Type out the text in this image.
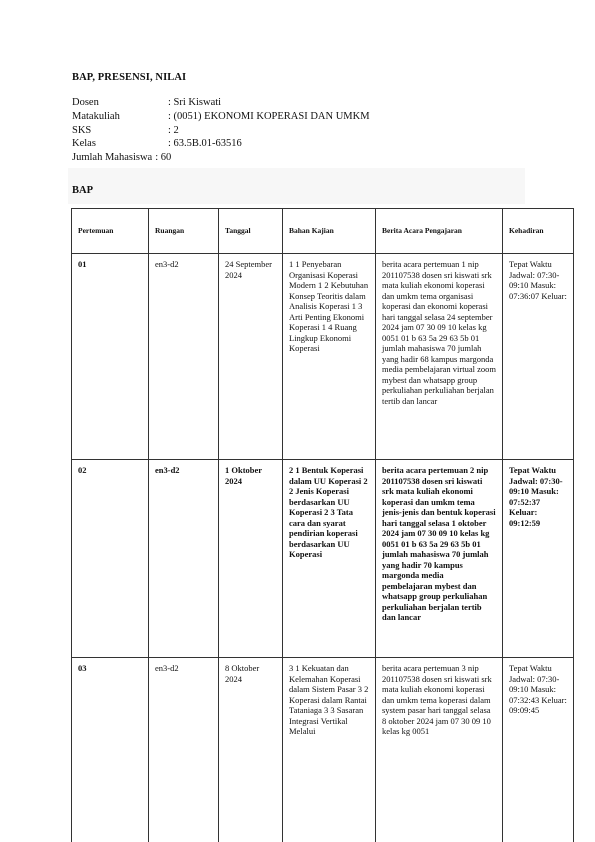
BAP, PRESENSI, NILAI
Dosen	: Sri Kiswati
Matakuliah	: (0051) EKONOMI KOPERASI DAN UMKM
SKS	: 2
Kelas	: 63.5B.01-63516
Jumlah Mahasiswa : 60
BAP
Pertemuan	Ruangan	Tanggal	Bahan Kajian	Berita Acara Pengajaran	Kehadiran
01	en3-d2	24 September 2024	1 1 Penyebaran Organisasi Koperasi Modern 1 2 Kebutuhan Konsep Teoritis dalam Analisis Koperasi 1 3 Arti Penting Ekonomi Koperasi 1 4 Ruang Lingkup Ekonomi Koperasi	berita acara pertemuan 1 nip 201107538 dosen sri kiswati srk mata kuliah ekonomi koperasi dan umkm tema organisasi koperasi dan ekonomi koperasi hari tanggal selasa 24 september 2024 jam 07 30 09 10 kelas kg 0051 01 b 63 5a 29 63 5b 01 jumlah mahasiswa 70 jumlah yang hadir 68 kampus margonda media pembelajaran virtual zoom mybest dan whatsapp group perkuliahan perkuliahan berjalan tertib dan lancar	Tepat Waktu Jadwal: 07:30-09:10 Masuk: 07:36:07 Keluar:
02	en3-d2	1 Oktober 2024	2 1 Bentuk Koperasi dalam UU Koperasi 2 2 Jenis Koperasi berdasarkan UU Koperasi 2 3 Tata cara dan syarat pendirian koperasi berdasarkan UU Koperasi	berita acara pertemuan 2 nip 201107538 dosen sri kiswati srk mata kuliah ekonomi koperasi dan umkm tema jenis-jenis dan bentuk koperasi hari tanggal selasa 1 oktober 2024 jam 07 30 09 10 kelas kg 0051 01 b 63 5a 29 63 5b 01 jumlah mahasiswa 70 jumlah yang hadir 70 kampus margonda media pembelajaran mybest dan whatsapp group perkuliahan perkuliahan berjalan tertib dan lancar	Tepat Waktu Jadwal: 07:30-09:10 Masuk: 07:52:37 Keluar: 09:12:59
03	en3-d2	8 Oktober 2024	3 1 Kekuatan dan Kelemahan Koperasi dalam Sistem Pasar 3 2 Koperasi dalam Rantai Tataniaga 3 3 Sasaran Integrasi Vertikal Melalui	berita acara pertemuan 3 nip 201107538 dosen sri kiswati srk mata kuliah ekonomi koperasi dan umkm tema koperasi dalam system pasar hari tanggal selasa 8 oktober 2024 jam 07 30 09 10 kelas kg 0051	Tepat Waktu Jadwal: 07:30-09:10 Masuk: 07:32:43 Keluar: 09:09:45
